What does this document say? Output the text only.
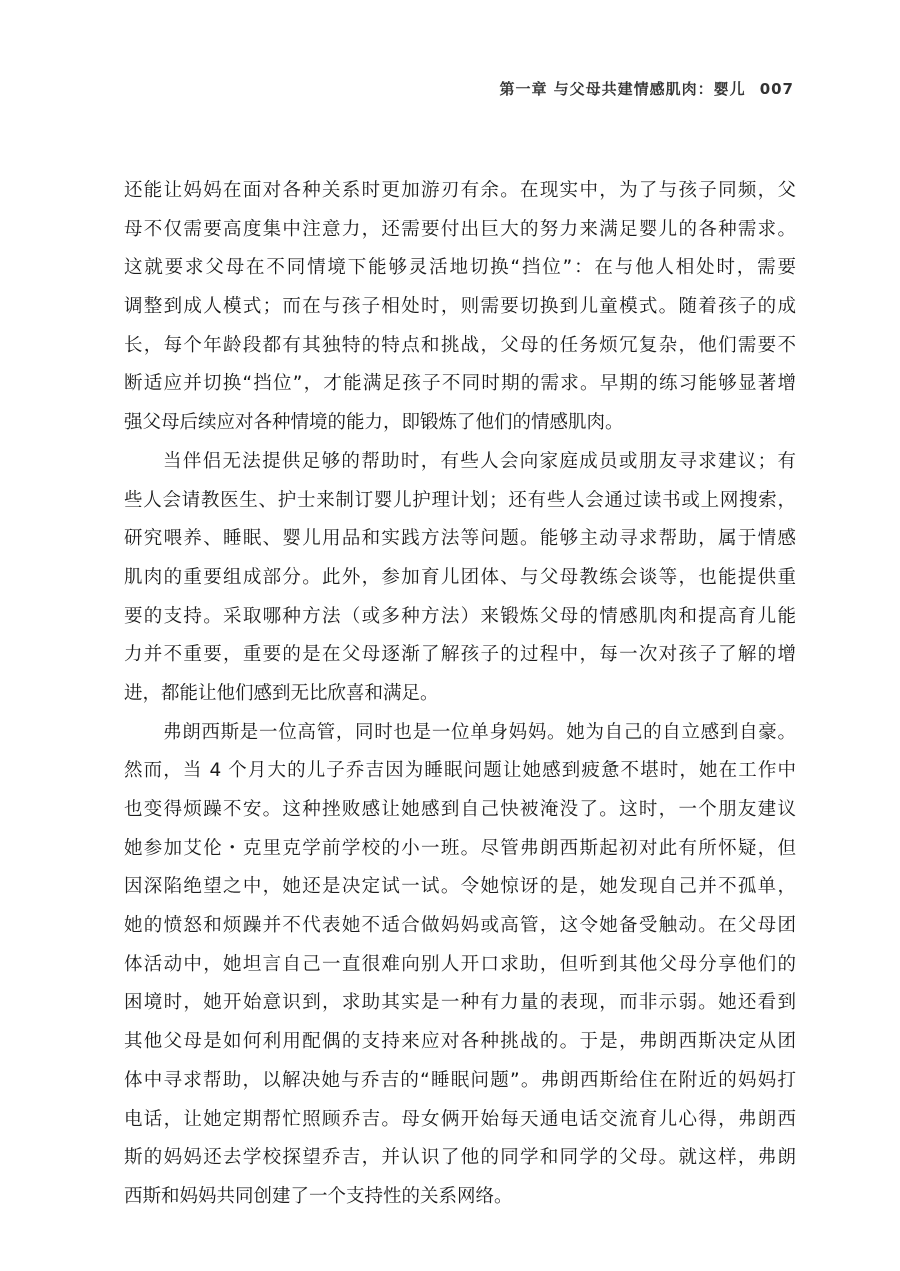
第一章 与父母共建情感肌肉：婴儿 007
还能让妈妈在面对各种关系时更加游刃有余。在现实中，为了与孩子同频，父
母不仅需要高度集中注意力，还需要付出巨大的努力来满足婴儿的各种需求。
这就要求父母在不同情境下能够灵活地切换“挡位”：在与他人相处时，需要
调整到成人模式；而在与孩子相处时，则需要切换到儿童模式。随着孩子的成
长，每个年龄段都有其独特的特点和挑战，父母的任务烦冗复杂，他们需要不
断适应并切换“挡位”，才能满足孩子不同时期的需求。早期的练习能够显著增
强父母后续应对各种情境的能力，即锻炼了他们的情感肌肉。
当伴侣无法提供足够的帮助时，有些人会向家庭成员或朋友寻求建议；有
些人会请教医生、护士来制订婴儿护理计划；还有些人会通过读书或上网搜索，
研究喂养、睡眠、婴儿用品和实践方法等问题。能够主动寻求帮助，属于情感
肌肉的重要组成部分。此外，参加育儿团体、与父母教练会谈等，也能提供重
要的支持。采取哪种方法（或多种方法）来锻炼父母的情感肌肉和提高育儿能
力并不重要，重要的是在父母逐渐了解孩子的过程中，每一次对孩子了解的增
进，都能让他们感到无比欣喜和满足。
弗朗西斯是一位高管，同时也是一位单身妈妈。她为自己的自立感到自豪。
然而，当 4 个月大的儿子乔吉因为睡眠问题让她感到疲惫不堪时，她在工作中
也变得烦躁不安。这种挫败感让她感到自己快被淹没了。这时，一个朋友建议
她参加艾伦・克里克学前学校的小一班。尽管弗朗西斯起初对此有所怀疑，但
因深陷绝望之中，她还是决定试一试。令她惊讶的是，她发现自己并不孤单，
她的愤怒和烦躁并不代表她不适合做妈妈或高管，这令她备受触动。在父母团
体活动中，她坦言自己一直很难向别人开口求助，但听到其他父母分享他们的
困境时，她开始意识到，求助其实是一种有力量的表现，而非示弱。她还看到
其他父母是如何利用配偶的支持来应对各种挑战的。于是，弗朗西斯决定从团
体中寻求帮助，以解决她与乔吉的“睡眠问题”。弗朗西斯给住在附近的妈妈打
电话，让她定期帮忙照顾乔吉。母女俩开始每天通电话交流育儿心得，弗朗西
斯的妈妈还去学校探望乔吉，并认识了他的同学和同学的父母。就这样，弗朗
西斯和妈妈共同创建了一个支持性的关系网络。
